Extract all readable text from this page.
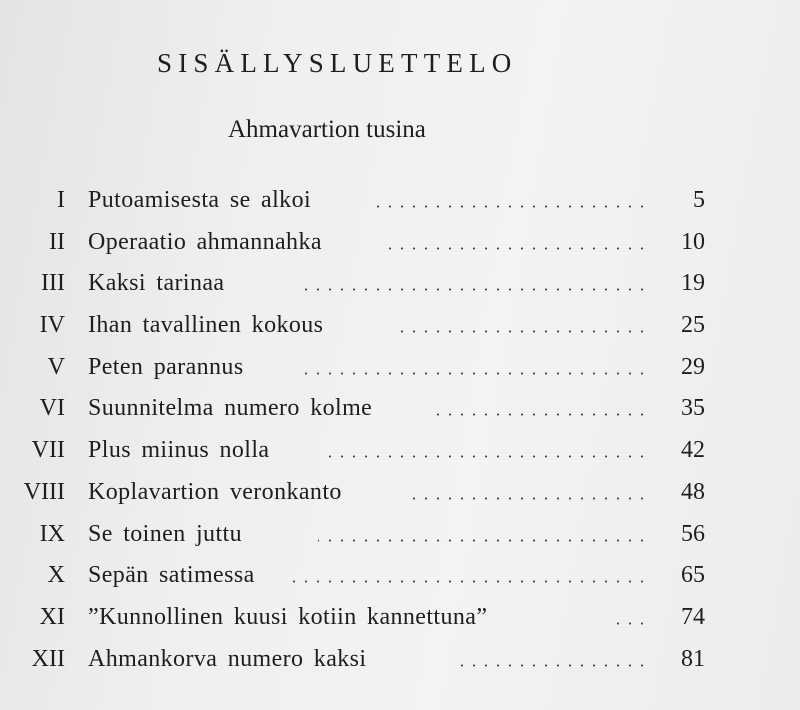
SISÄLLYSLUETTELO
Ahmavartion tusina
I Putoamisesta se alkoi	5
II Operaatio ahmannahka	10
III Kaksi tarinaa	19
IV Ihan tavallinen kokous	25
V Peten parannus	29
VI Suunnitelma numero kolme	35
VII Plus miinus nolla	42
VIII Koplavartion veronkanto	48
IX Se toinen juttu	56
X Sepän satimessa	65
XI ”Kunnollinen kuusi kotiin kannettuna”	74
XII Ahmankorva numero kaksi	81
